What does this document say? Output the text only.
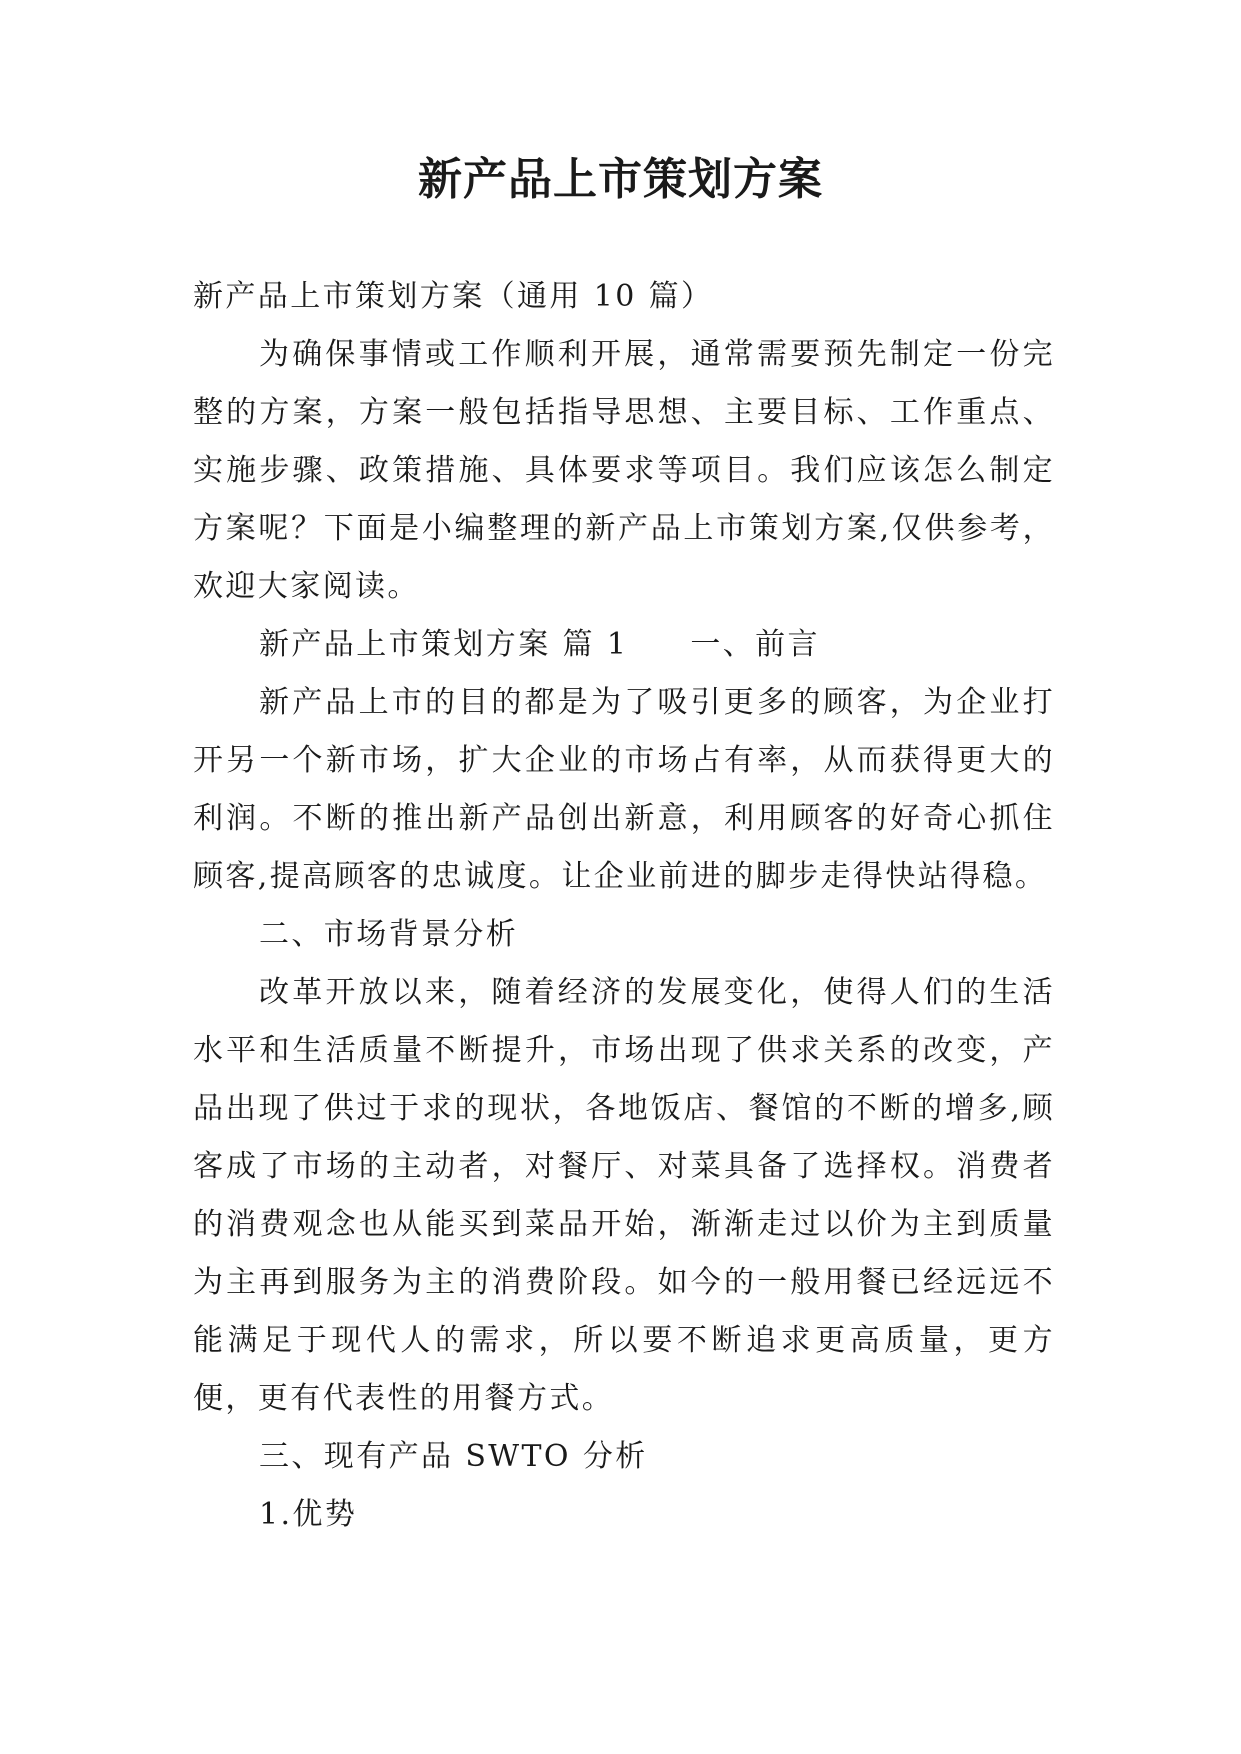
新产品上市策划方案

新产品上市策划方案（通用 10 篇）

为确保事情或工作顺利开展，通常需要预先制定一份完整的方案，方案一般包括指导思想、主要目标、工作重点、实施步骤、政策措施、具体要求等项目。我们应该怎么制定方案呢？下面是小编整理的新产品上市策划方案,仅供参考，欢迎大家阅读。

新产品上市策划方案 篇 1 一、前言

新产品上市的目的都是为了吸引更多的顾客，为企业打开另一个新市场，扩大企业的市场占有率，从而获得更大的利润。不断的推出新产品创出新意，利用顾客的好奇心抓住顾客,提高顾客的忠诚度。让企业前进的脚步走得快站得稳。

二、市场背景分析

改革开放以来，随着经济的发展变化，使得人们的生活水平和生活质量不断提升，市场出现了供求关系的改变，产品出现了供过于求的现状，各地饭店、餐馆的不断的增多,顾客成了市场的主动者，对餐厅、对菜具备了选择权。消费者的消费观念也从能买到菜品开始，渐渐走过以价为主到质量为主再到服务为主的消费阶段。如今的一般用餐已经远远不能满足于现代人的需求，所以要不断追求更高质量，更方便，更有代表性的用餐方式。

三、现有产品 SWTO 分析

1.优势
